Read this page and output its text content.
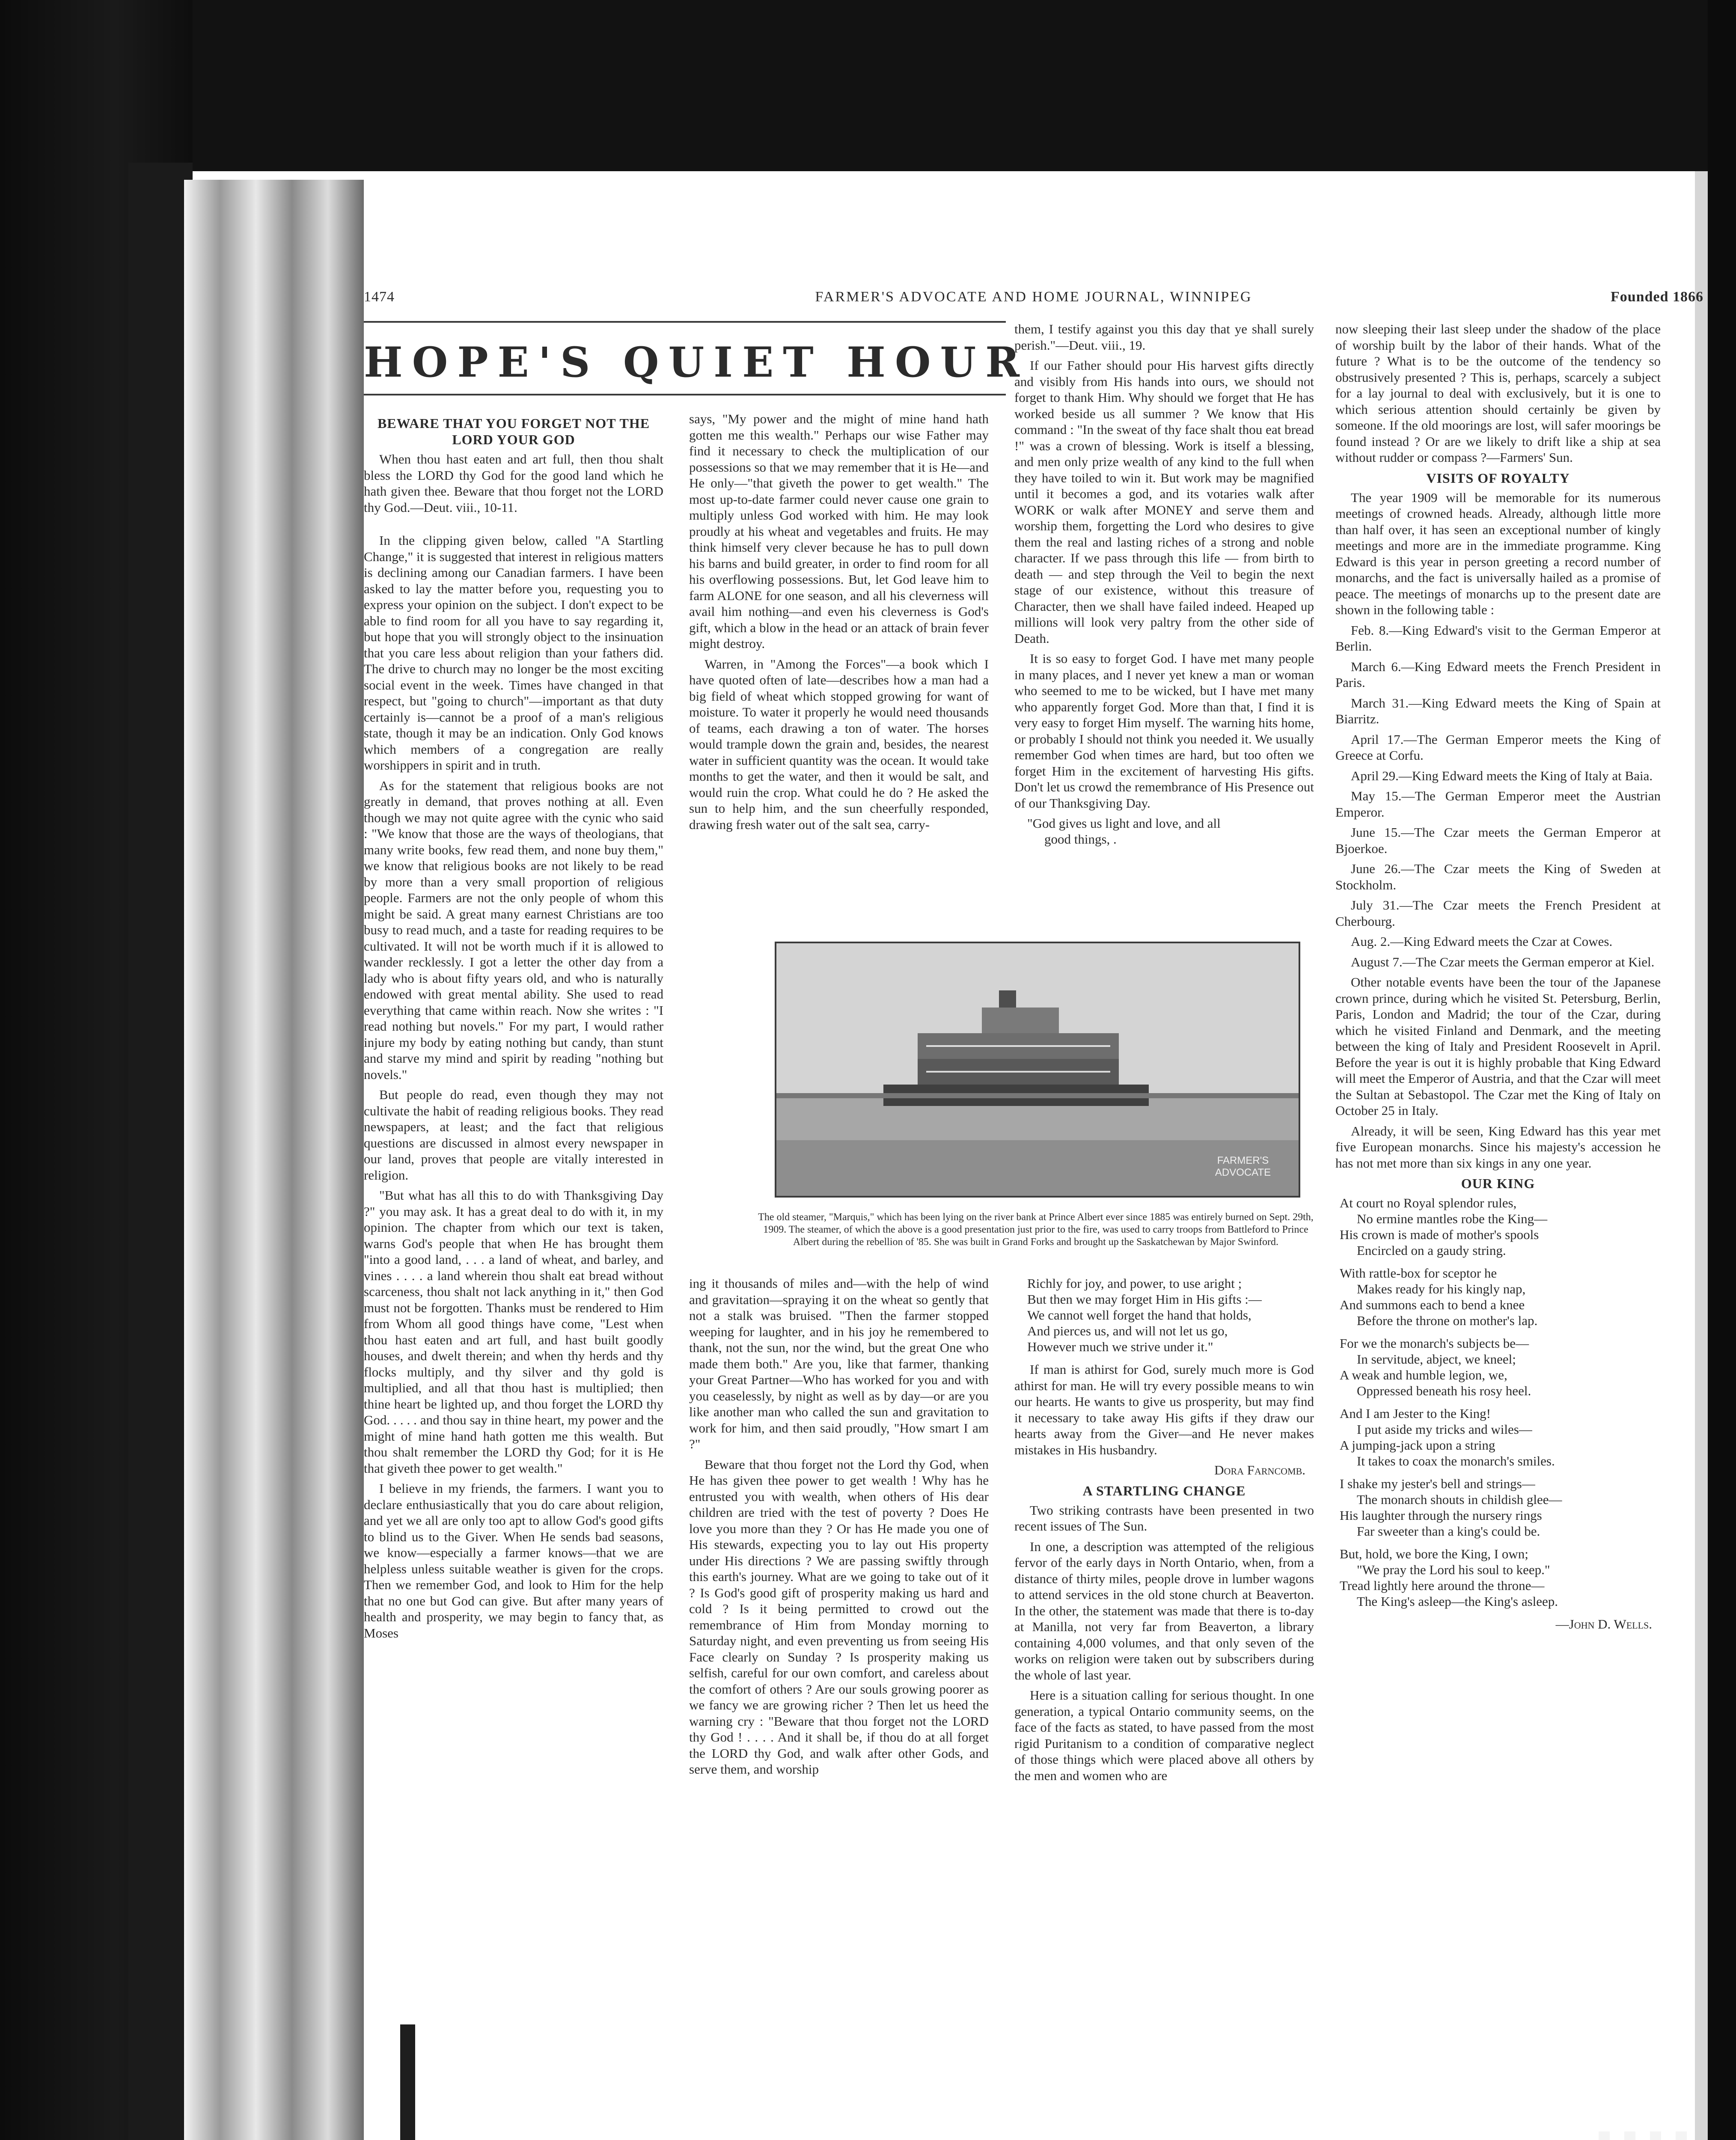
1474	FARMER'S ADVOCATE AND HOME JOURNAL, WINNIPEG	Founded 1866
HOPE'S QUIET HOUR
BEWARE THAT YOU FORGET NOT THE LORD YOUR GOD

When thou hast eaten and art full, then thou shalt bless the LORD thy God for the good land which he hath given thee. Beware that thou forget not the LORD thy God.—Deut. viii., 10-11.

In the clipping given below, called "A Startling Change," it is suggested that interest in religious matters is declining among our Canadian farmers. I have been asked to lay the matter before you, requesting you to express your opinion on the subject. I don't expect to be able to find room for all you have to say regarding it, but hope that you will strongly object to the insinuation that you care less about religion than your fathers did. The drive to church may no longer be the most exciting social event in the week. Times have changed in that respect, but "going to church"—important as that duty certainly is—cannot be a proof of a man's religious state, though it may be an indication. Only God knows which members of a congregation are really worshippers in spirit and in truth.

As for the statement that religious books are not greatly in demand, that proves nothing at all. Even though we may not quite agree with the cynic who said : "We know that those are the ways of theologians, that many write books, few read them, and none buy them," we know that religious books are not likely to be read by more than a very small proportion of religious people. Farmers are not the only people of whom this might be said. A great many earnest Christians are too busy to read much, and a taste for reading requires to be cultivated. It will not be worth much if it is allowed to wander recklessly. I got a letter the other day from a lady who is about fifty years old, and who is naturally endowed with great mental ability. She used to read everything that came within reach. Now she writes : "I read nothing but novels." For my part, I would rather injure my body by eating nothing but candy, than stunt and starve my mind and spirit by reading "nothing but novels."

But people do read, even though they may not cultivate the habit of reading religious books. They read newspapers, at least; and the fact that religious questions are discussed in almost every newspaper in our land, proves that people are vitally interested in religion.

"But what has all this to do with Thanksgiving Day ?" you may ask. It has a great deal to do with it, in my opinion. The chapter from which our text is taken, warns God's people that when He has brought them "into a good land, . . . a land of wheat, and barley, and vines . . . . a land wherein thou shalt eat bread without scarceness, thou shalt not lack anything in it," then God must not be forgotten. Thanks must be rendered to Him from Whom all good things have come, "Lest when thou hast eaten and art full, and hast built goodly houses, and dwelt therein; and when thy herds and thy flocks multiply, and thy silver and thy gold is multiplied, and all that thou hast is multiplied; then thine heart be lighted up, and thou forget the LORD thy God. . . . . and thou say in thine heart, my power and the might of mine hand hath gotten me this wealth. But thou shalt remember the LORD thy God; for it is He that giveth thee power to get wealth."

I believe in my friends, the farmers. I want you to declare enthusiastically that you do care about religion, and yet we all are only too apt to allow God's good gifts to blind us to the Giver. When He sends bad seasons, we know—especially a farmer knows—that we are helpless unless suitable weather is given for the crops. Then we remember God, and look to Him for the help that no one but God can give. But after many years of health and prosperity, we may begin to fancy that, as Moses

says, "My power and the might of mine hand hath gotten me this wealth." Perhaps our wise Father may find it necessary to check the multiplication of our possessions so that we may remember that it is He—and He only—"that giveth the power to get wealth." The most up-to-date farmer could never cause one grain to multiply unless God worked with him. He may look proudly at his wheat and vegetables and fruits. He may think himself very clever because he has to pull down his barns and build greater, in order to find room for all his overflowing possessions. But, let God leave him to farm ALONE for one season, and all his cleverness will avail him nothing—and even his cleverness is God's gift, which a blow in the head or an attack of brain fever might destroy.

Warren, in "Among the Forces"—a book which I have quoted often of late—describes how a man had a big field of wheat which stopped growing for want of moisture. To water it properly he would need thousands of teams, each drawing a ton of water. The horses would trample down the grain and, besides, the nearest water in sufficient quantity was the ocean. It would take months to get the water, and then it would be salt, and would ruin the crop. What could he do ? He asked the sun to help him, and the sun cheerfully responded, drawing fresh water out of the salt sea, carry-

them, I testify against you this day that ye shall surely perish."—Deut. viii., 19.

If our Father should pour His harvest gifts directly and visibly from His hands into ours, we should not forget to thank Him. Why should we forget that He has worked beside us all summer ? We know that His command : "In the sweat of thy face shalt thou eat bread !" was a crown of blessing. Work is itself a blessing, and men only prize wealth of any kind to the full when they have toiled to win it. But work may be magnified until it becomes a god, and its votaries walk after WORK or walk after MONEY and serve them and worship them, forgetting the Lord who desires to give them the real and lasting riches of a strong and noble character. If we pass through this life — from birth to death — and step through the Veil to begin the next stage of our existence, without this treasure of Character, then we shall have failed indeed. Heaped up millions will look very paltry from the other side of Death.

It is so easy to forget God. I have met many people in many places, and I never yet knew a man or woman who seemed to me to be wicked, but I have met many who apparently forget God. More than that, I find it is very easy to forget Him myself. The warning hits home, or probably I should not think you needed it. We usually remember God when times are hard, but too often we forget Him in the excitement of harvesting His gifts. Don't let us crowd the remembrance of His Presence out of our Thanksgiving Day.

"God gives us light and love, and all
good things, .
FARMER'S ADVOCATE
The old steamer, "Marquis," which has been lying on the river bank at Prince Albert ever since 1885 was entirely burned on Sept. 29th, 1909. The steamer, of which the above is a good presentation just prior to the fire, was used to carry troops from Battleford to Prince Albert during the rebellion of '85. She was built in Grand Forks and brought up the Saskatchewan by Major Swinford.

ing it thousands of miles and—with the help of wind and gravitation—spraying it on the wheat so gently that not a stalk was bruised. "Then the farmer stopped weeping for laughter, and in his joy he remembered to thank, not the sun, nor the wind, but the great One who made them both." Are you, like that farmer, thanking your Great Partner—Who has worked for you and with you ceaselessly, by night as well as by day—or are you like another man who called the sun and gravitation to work for him, and then said proudly, "How smart I am ?"

Beware that thou forget not the Lord thy God, when He has given thee power to get wealth ! Why has he entrusted you with wealth, when others of His dear children are tried with the test of poverty ? Does He love you more than they ? Or has He made you one of His stewards, expecting you to lay out His property under His directions ? We are passing swiftly through this earth's journey. What are we going to take out of it ? Is God's good gift of prosperity making us hard and cold ? Is it being permitted to crowd out the remembrance of Him from Monday morning to Saturday night, and even preventing us from seeing His Face clearly on Sunday ? Is prosperity making us selfish, careful for our own comfort, and careless about the comfort of others ? Are our souls growing poorer as we fancy we are growing richer ? Then let us heed the warning cry : "Beware that thou forget not the LORD thy God ! . . . . And it shall be, if thou do at all forget the LORD thy God, and walk after other Gods, and serve them, and worship

Richly for joy, and power, to use aright ;
But then we may forget Him in His gifts :—
We cannot well forget the hand that holds,
And pierces us, and will not let us go,
However much we strive under it."

If man is athirst for God, surely much more is God athirst for man. He will try every possible means to win our hearts. He wants to give us prosperity, but may find it necessary to take away His gifts if they draw our hearts away from the Giver—and He never makes mistakes in His husbandry.

Dora Farncomb.
A STARTLING CHANGE

Two striking contrasts have been presented in two recent issues of The Sun.

In one, a description was attempted of the religious fervor of the early days in North Ontario, when, from a distance of thirty miles, people drove in lumber wagons to attend services in the old stone church at Beaverton. In the other, the statement was made that there is to-day at Manilla, not very far from Beaverton, a library containing 4,000 volumes, and that only seven of the works on religion were taken out by subscribers during the whole of last year.

Here is a situation calling for serious thought. In one generation, a typical Ontario community seems, on the face of the facts as stated, to have passed from the most rigid Puritanism to a condition of comparative neglect of those things which were placed above all others by the men and women who are

now sleeping their last sleep under the shadow of the place of worship built by the labor of their hands. What of the future ? What is to be the outcome of the tendency so obstrusively presented ? This is, perhaps, scarcely a subject for a lay journal to deal with exclusively, but it is one to which serious attention should certainly be given by someone. If the old moorings are lost, will safer moorings be found instead ? Or are we likely to drift like a ship at sea without rudder or compass ?—Farmers' Sun.

VISITS OF ROYALTY

The year 1909 will be memorable for its numerous meetings of crowned heads. Already, although little more than half over, it has seen an exceptional number of kingly meetings and more are in the immediate programme. King Edward is this year in person greeting a record number of monarchs, and the fact is universally hailed as a promise of peace. The meetings of monarchs up to the present date are shown in the following table :

Feb. 8.—King Edward's visit to the German Emperor at Berlin.

March 6.—King Edward meets the French President in Paris.

March 31.—King Edward meets the King of Spain at Biarritz.

April 17.—The German Emperor meets the King of Greece at Corfu.

April 29.—King Edward meets the King of Italy at Baia.

May 15.—The German Emperor meet the Austrian Emperor.

June 15.—The Czar meets the German Emperor at Bjoerkoe.

June 26.—The Czar meets the King of Sweden at Stockholm.

July 31.—The Czar meets the French President at Cherbourg.

Aug. 2.—King Edward meets the Czar at Cowes.

August 7.—The Czar meets the German emperor at Kiel.

Other notable events have been the tour of the Japanese crown prince, during which he visited St. Petersburg, Berlin, Paris, London and Madrid; the tour of the Czar, during which he visited Finland and Denmark, and the meeting between the king of Italy and President Roosevelt in April. Before the year is out it is highly probable that King Edward will meet the Emperor of Austria, and that the Czar will meet the Sultan at Sebastopol. The Czar met the King of Italy on October 25 in Italy.

Already, it will be seen, King Edward has this year met five European monarchs. Since his majesty's accession he has not met more than six kings in any one year.

OUR KING
At court no Royal splendor rules,
No ermine mantles robe the King—
His crown is made of mother's spools
Encircled on a gaudy string.
With rattle-box for sceptor he
Makes ready for his kingly nap,
And summons each to bend a knee
Before the throne on mother's lap.
For we the monarch's subjects be—
In servitude, abject, we kneel;
A weak and humble legion, we,
Oppressed beneath his rosy heel.
And I am Jester to the King!
I put aside my tricks and wiles—
A jumping-jack upon a string
It takes to coax the monarch's smiles.
I shake my jester's bell and strings—
The monarch shouts in childish glee—
His laughter through the nursery rings
Far sweeter than a king's could be.
But, hold, we bore the King, I own;
"We pray the Lord his soul to keep."
Tread lightly here around the throne—
The King's asleep—the King's asleep.
—John D. Wells.
